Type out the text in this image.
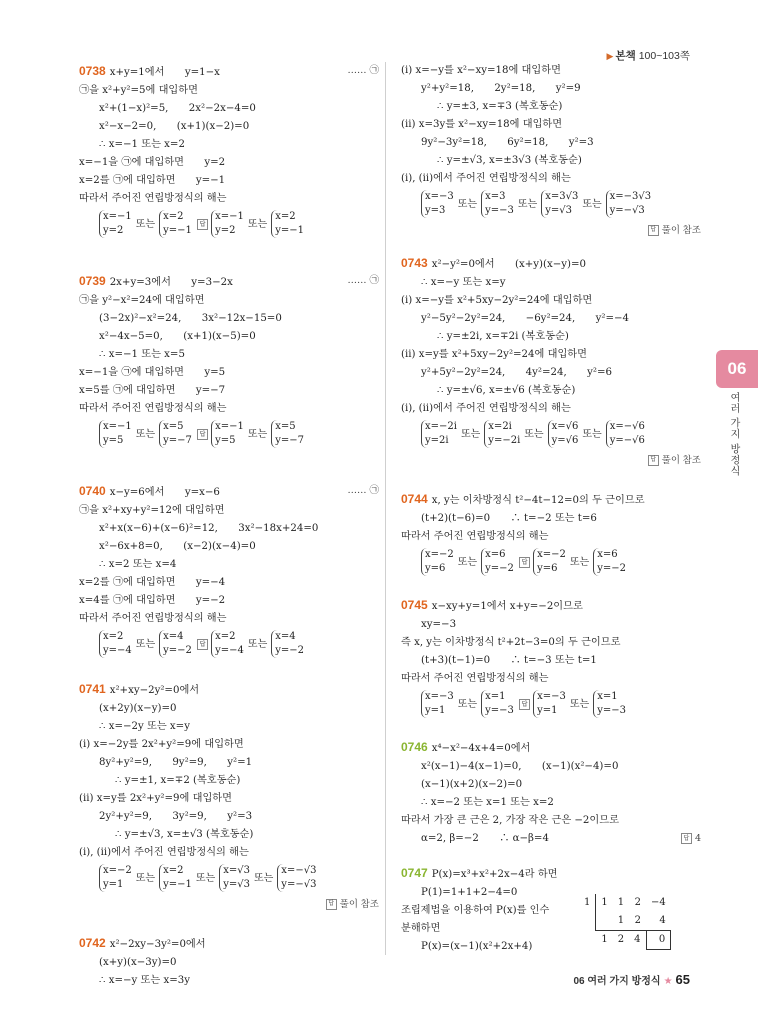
▶ 본책 100~103쪽
06
여러 가지 방정식
0738 x+y=1에서　　y=1−x	…… ㉠
㉠을 x²+y²=5에 대입하면
x²+(1−x)²=5,　　2x²−2x−4=0
x²−x−2=0,　　(x+1)(x−2)=0
∴ x=−1 또는 x=2
x=−1을 ㉠에 대입하면　　y=2
x=2를 ㉠에 대입하면　　y=−1
따라서 주어진 연립방정식의 해는
x=−1
y=2또는x=2
y=−1 답x=−1
y=2또는x=2
y=−1
0739 2x+y=3에서　　y=3−2x	…… ㉠
㉠을 y²−x²=24에 대입하면
(3−2x)²−x²=24,　　3x²−12x−15=0
x²−4x−5=0,　　(x+1)(x−5)=0
∴ x=−1 또는 x=5
x=−1을 ㉠에 대입하면　　y=5
x=5를 ㉠에 대입하면　　y=−7
따라서 주어진 연립방정식의 해는
x=−1
y=5또는x=5
y=−7 답x=−1
y=5또는x=5
y=−7
0740 x−y=6에서　　y=x−6	…… ㉠
㉠을 x²+xy+y²=12에 대입하면
x²+x(x−6)+(x−6)²=12,　　3x²−18x+24=0
x²−6x+8=0,　　(x−2)(x−4)=0
∴ x=2 또는 x=4
x=2를 ㉠에 대입하면　　y=−4
x=4를 ㉠에 대입하면　　y=−2
따라서 주어진 연립방정식의 해는
x=2
y=−4또는x=4
y=−2 답x=2
y=−4또는x=4
y=−2
0741 x²+xy−2y²=0에서
(x+2y)(x−y)=0
∴ x=−2y 또는 x=y
(i) x=−2y를 2x²+y²=9에 대입하면
8y²+y²=9,　　9y²=9,　　y²=1
∴ y=±1, x=∓2 (복호동순)
(ii) x=y를 2x²+y²=9에 대입하면
2y²+y²=9,　　3y²=9,　　y²=3
∴ y=±√3, x=±√3 (복호동순)
(i), (ii)에서 주어진 연립방정식의 해는
x=−2
y=1또는x=2
y=−1또는x=√3
y=√3또는x=−√3
y=−√3
답 풀이 참조
0742 x²−2xy−3y²=0에서
(x+y)(x−3y)=0
∴ x=−y 또는 x=3y
(i) x=−y를 x²−xy=18에 대입하면
y²+y²=18,　　2y²=18,　　y²=9
∴ y=±3, x=∓3 (복호동순)
(ii) x=3y를 x²−xy=18에 대입하면
9y²−3y²=18,　　6y²=18,　　y²=3
∴ y=±√3, x=±3√3 (복호동순)
(i), (ii)에서 주어진 연립방정식의 해는
x=−3
y=3또는x=3
y=−3또는x=3√3
y=√3또는x=−3√3
y=−√3
답 풀이 참조
0743 x²−y²=0에서　　(x+y)(x−y)=0
∴ x=−y 또는 x=y
(i) x=−y를 x²+5xy−2y²=24에 대입하면
y²−5y²−2y²=24,　　−6y²=24,　　y²=−4
∴ y=±2i, x=∓2i (복호동순)
(ii) x=y를 x²+5xy−2y²=24에 대입하면
y²+5y²−2y²=24,　　4y²=24,　　y²=6
∴ y=±√6, x=±√6 (복호동순)
(i), (ii)에서 주어진 연립방정식의 해는
x=−2i
y=2i또는x=2i
y=−2i또는x=√6
y=√6또는x=−√6
y=−√6
답 풀이 참조
0744 x, y는 이차방정식 t²−4t−12=0의 두 근이므로
(t+2)(t−6)=0　　∴ t=−2 또는 t=6
따라서 주어진 연립방정식의 해는
x=−2
y=6또는x=6
y=−2 답x=−2
y=6또는x=6
y=−2
0745 x−xy+y=1에서 x+y=−2이므로
xy=−3
즉 x, y는 이차방정식 t²+2t−3=0의 두 근이므로
(t+3)(t−1)=0　　∴ t=−3 또는 t=1
따라서 주어진 연립방정식의 해는
x=−3
y=1또는x=1
y=−3 답x=−3
y=1또는x=1
y=−3
0746 x⁴−x²−4x+4=0에서
x²(x−1)−4(x−1)=0,　　(x−1)(x²−4)=0
(x−1)(x+2)(x−2)=0
∴ x=−2 또는 x=1 또는 x=2
따라서 가장 큰 근은 2, 가장 작은 근은 −2이므로
α=2, β=−2　　∴ α−β=4	답 4
0747 P(x)=x³+x²+2x−4라 하면
P(1)=1+1+2−4=0
조립제법을 이용하여 P(x)를 인수
분해하면
P(x)=(x−1)(x²+2x+4)
1	1	1	2	−4
		1	2	4
	1	2	4	0
06 여러 가지 방정식 ★ 65
